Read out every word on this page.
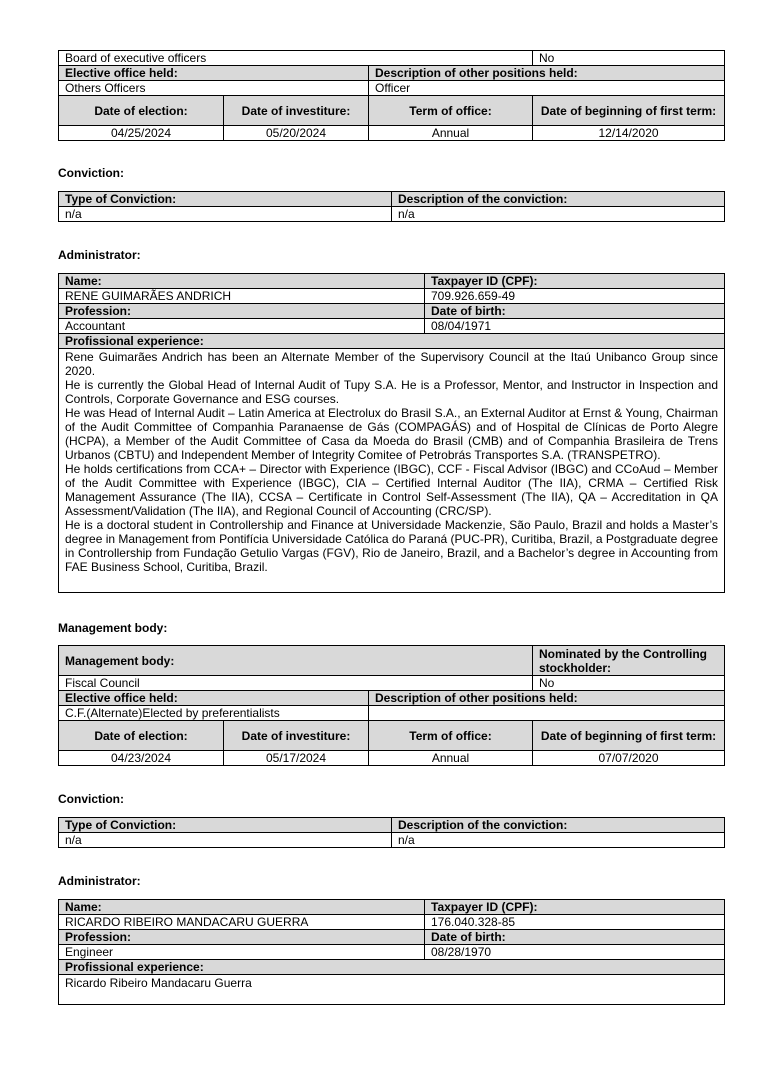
Board of executive officers			No
Elective office held:		Description of other positions held:	
Others Officers		Officer	
Date of election:	Date of investiture:	Term of office:	Date of beginning of first term:
04/25/2024	05/20/2024	Annual	12/14/2020
Conviction:
Type of Conviction:	Description of the conviction:
n/a	n/a
Administrator:
Name:	Taxpayer ID (CPF):
RENE GUIMARÃES ANDRICH	709.926.659-49
Profession:	Date of birth:
Accountant	08/04/1971
Profissional experience:	

Rene Guimarães Andrich has been an Alternate Member of the Supervisory Council at the Itaú Unibanco Group since 2020.

He is currently the Global Head of Internal Audit of Tupy S.A. He is a Professor, Mentor, and Instructor in Inspection and Controls, Corporate Governance and ESG courses.

He was Head of Internal Audit – Latin America at Electrolux do Brasil S.A., an External Auditor at Ernst & Young, Chairman of the Audit Committee of Companhia Paranaense de Gás (COMPAGÁS) and of Hospital de Clínicas de Porto Alegre (HCPA), a Member of the Audit Committee of Casa da Moeda do Brasil (CMB) and of Companhia Brasileira de Trens Urbanos (CBTU) and Independent Member of Integrity Comitee of Petrobrás Transportes S.A. (TRANSPETRO).

He holds certifications from CCA+ – Director with Experience (IBGC), CCF - Fiscal Advisor (IBGC) and CCoAud – Member of the Audit Committee with Experience (IBGC), CIA – Certified Internal Auditor (The IIA), CRMA – Certified Risk Management Assurance (The IIA), CCSA – Certificate in Control Self-Assessment (The IIA), QA – Accreditation in QA Assessment/Validation (The IIA), and Regional Council of Accounting (CRC/SP).

He is a doctoral student in Controllership and Finance at Universidade Mackenzie, São Paulo, Brazil and holds a Master’s degree in Management from Pontifícia Universidade Católica do Paraná (PUC-PR), Curitiba, Brazil, a Postgraduate degree in Controllership from Fundação Getulio Vargas (FGV), Rio de Janeiro, Brazil, and a Bachelor’s degree in Accounting from FAE Business School, Curitiba, Brazil.	

Management body:
Management body:			Nominated by the Controlling stockholder:
Fiscal Council			No
Elective office held:		Description of other positions held:	
C.F.(Alternate)Elected by preferentialists			
Date of election:	Date of investiture:	Term of office:	Date of beginning of first term:
04/23/2024	05/17/2024	Annual	07/07/2020
Conviction:
Type of Conviction:	Description of the conviction:
n/a	n/a
Administrator:
Name:	Taxpayer ID (CPF):
RICARDO RIBEIRO MANDACARU GUERRA	176.040.328-85
Profession:	Date of birth:
Engineer	08/28/1970
Profissional experience:	
Ricardo Ribeiro Mandacaru Guerra	
